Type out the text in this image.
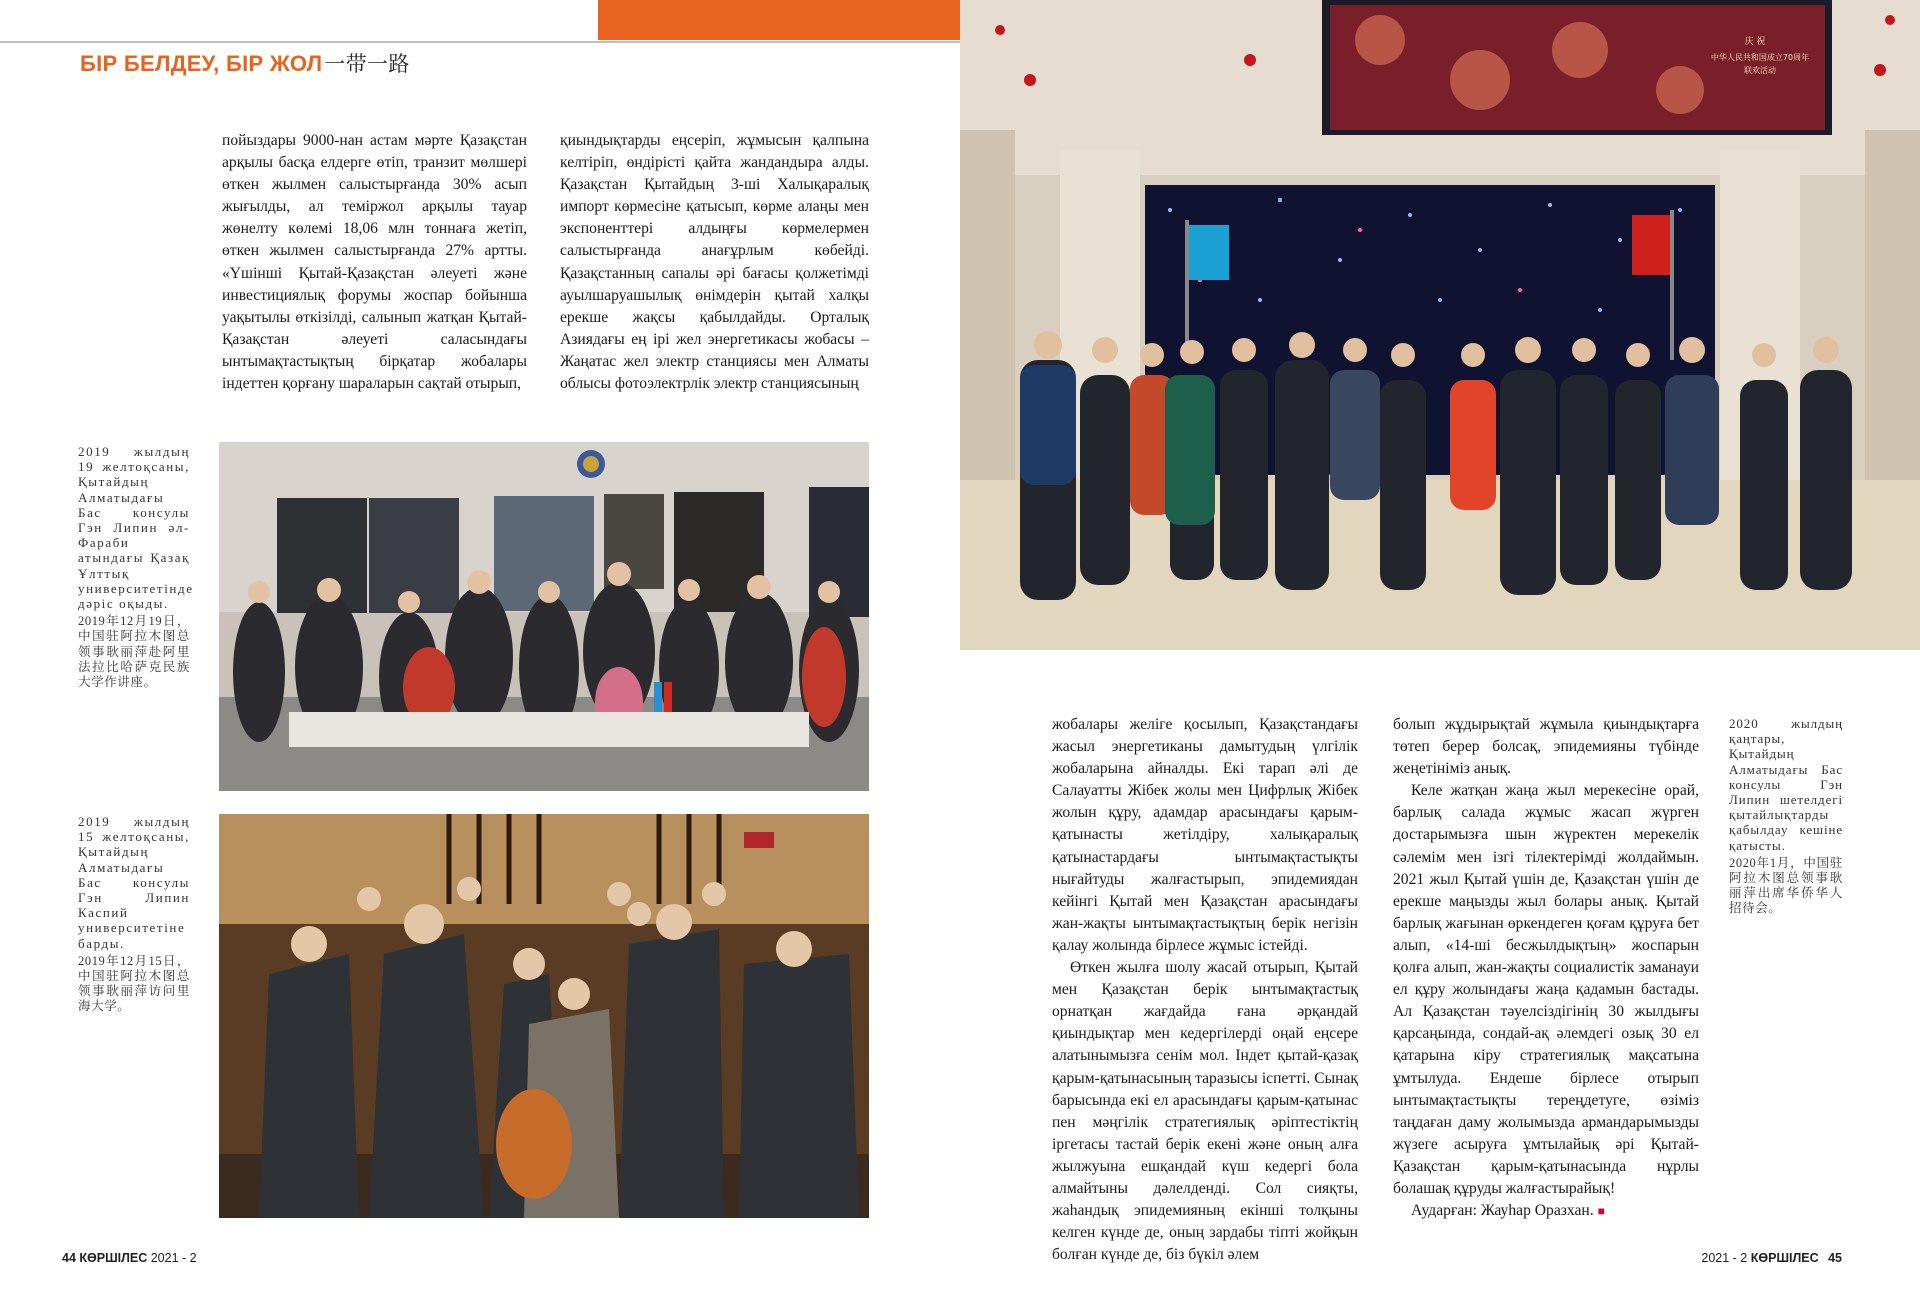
БІР БЕЛДЕУ, БІР ЖОЛ一带一路

пойыздары 9000-нан астам мәрте Қазақстан арқылы басқа елдерге өтіп, транзит мөлшері өткен жылмен салыстырғанда 30% асып жығылды, ал теміржол арқылы тауар жөнелту көлемі 18,06 млн тоннаға жетіп, өткен жылмен салыстырғанда 27% артты. «Үшінші Қытай-Қазақстан әлеуеті және инвестициялық форумы жоспар бойынша уақытылы өткізілді, салынып жатқан Қытай-Қазақстан әлеуеті саласындағы ынтымақтастықтың бірқатар жобалары індеттен қорғану шараларын сақтай отырып,

қиындықтарды еңсеріп, жұмысын қалпына келтіріп, өндірісті қайта жандандыра алды. Қазақстан Қытайдың 3-ші Халықаралық импорт көрмесіне қатысып, көрме алаңы мен экспоненттері алдыңғы көрмелермен салыстырғанда анағұрлым көбейді. Қазақстанның сапалы әрі бағасы қолжетімді ауылшаруашылық өнімдерін қытай халқы ерекше жақсы қабылдайды. Орталық Азиядағы ең ірі жел энергетикасы жобасы – Жаңатас жел электр станциясы мен Алматы облысы фотоэлектрлік электр станциясының

2019 жылдың 19 желтоқсаны, Қытайдың Алматыдағы Бас консулы Гэн Липин әл-Фараби атындағы Қазақ Ұлттық университетінде дәріс оқыды.
2019年12月19日，中国驻阿拉木图总领事耿丽萍赴阿里法拉比哈萨克民族大学作讲座。
2019 жылдың 15 желтоқсаны, Қытайдың Алматыдағы Бас консулы Гэн Липин Каспий университетіне барды.
2019年12月15日，中国驻阿拉木图总领事耿丽萍访问里海大学。
庆 祝
中华人民共和国成立70周年
联欢活动

жобалары желіге қосылып, Қазақстандағы жасыл энергетиканы дамытудың үлгілік жобаларына айналды. Екі тарап әлі де Салауатты Жібек жолы мен Цифрлық Жібек жолын құру, адамдар арасындағы қарым-қатынасты жетілдіру, халықаралық қатынастардағы ынтымақтастықты нығайтуды жалғастырып, эпидемиядан кейінгі Қытай мен Қазақстан арасындағы жан-жақты ынтымақтастықтың берік негізін қалау жолында бірлесе жұмыс істейді.

Өткен жылға шолу жасай отырып, Қытай мен Қазақстан берік ынтымақтастық орнатқан жағдайда ғана әрқандай қиындықтар мен кедергілерді оңай еңсере алатынымызға сенім мол. Індет қытай-қазақ қарым-қатынасының таразысы іспетті. Сынақ барысында екі ел арасындағы қарым-қатынас пен мәңгілік стратегиялық әріптестіктің іргетасы тастай берік екені және оның алға жылжуына ешқандай күш кедергі бола алмайтыны дәлелденді. Сол сияқты, жаһандық эпидемияның екінші толқыны келген күнде де, оның зардабы тіпті жойқын болған күнде де, біз бүкіл әлем

болып жұдырықтай жұмыла қиындықтарға төтеп берер болсақ, эпидемияны түбінде жеңетініміз анық.

Келе жатқан жаңа жыл мерекесіне орай, барлық салада жұмыс жасап жүрген достарымызға шын жүректен мерекелік сәлемім мен ізгі тілектерімді жолдаймын. 2021 жыл Қытай үшін де, Қазақстан үшін де ерекше маңызды жыл болары анық. Қытай барлық жағынан өркендеген қоғам құруға бет алып, «14-ші бесжылдықтың» жоспарын қолға алып, жан-жақты социалистік заманауи ел құру жолындағы жаңа қадамын бастады. Ал Қазақстан тәуелсіздігінің 30 жылдығы қарсаңында, сондай-ақ әлемдегі озық 30 ел қатарына кіру стратегиялық мақсатына ұмтылуда. Ендеше бірлесе отырып ынтымақтастықты тереңдетуге, өзіміз таңдаған даму жолымызда армандарымызды жүзеге асыруға ұмтылайық әрі Қытай-Қазақстан қарым-қатынасында нұрлы болашақ құруды жалғастырайық!

Аударған: Жауһар Оразхан. ■

2020 жылдың қаңтары, Қытайдың Алматыдағы Бас консулы Гэн Липин шетелдегі қытайлықтарды қабылдау кешіне қатысты.
2020年1月，中国驻阿拉木图总领事耿丽萍出席华侨华人招待会。
44 КӨРШІЛЕС 2021 - 2	2021 - 2 КӨРШІЛЕС 45
